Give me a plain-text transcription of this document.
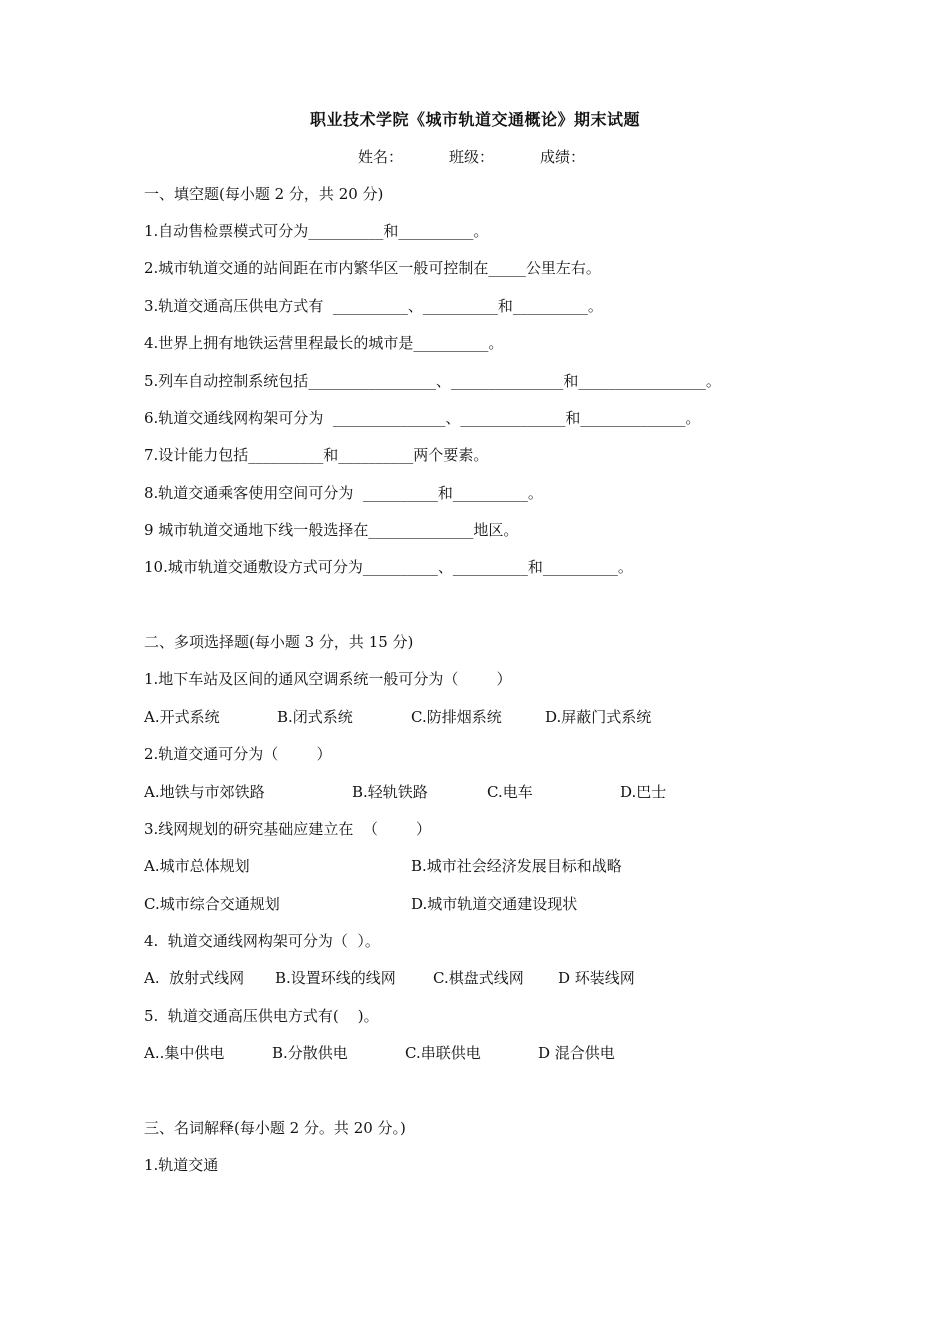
职业技术学院《城市轨道交通概论》期末试题
姓名：	班级：	成绩：
一、填空题(每小题 2 分，共 20 分)
1.自动售检票模式可分为__________和__________。
2.城市轨道交通的站间距在市内繁华区一般可控制在_____公里左右。
3.轨道交通高压供电方式有  __________、__________和__________。
4.世界上拥有地铁运营里程最长的城市是__________。
5.列车自动控制系统包括_________________、_______________和_________________。
6.轨道交通线网构架可分为  _______________、______________和______________。
7.设计能力包括__________和__________两个要素。
8.轨道交通乘客使用空间可分为  __________和__________。
9 城市轨道交通地下线一般选择在______________地区。
10.城市轨道交通敷设方式可分为__________、__________和__________。
二、多项选择题(每小题 3 分，共 15 分)
1.地下车站及区间的通风空调系统一般可分为（        ）
A.开式系统	B.闭式系统	C.防排烟系统	D.屏蔽门式系统
2.轨道交通可分为（        ）
A.地铁与市郊铁路	B.轻轨铁路	C.电车	D.巴士
3.线网规划的研究基础应建立在  （        ）
A.城市总体规划	B.城市社会经济发展目标和战略
C.城市综合交通规划	D.城市轨道交通建设现状
4.  轨道交通线网构架可分为（  ）。
A.  放射式线网 B.设置环线的线网 C.棋盘式线网 D 环装线网
5.  轨道交通高压供电方式有(    )。
A..集中供电	B.分散供电	C.串联供电	D 混合供电
三、名词解释(每小题 2 分。共 20 分。)
1.轨道交通
